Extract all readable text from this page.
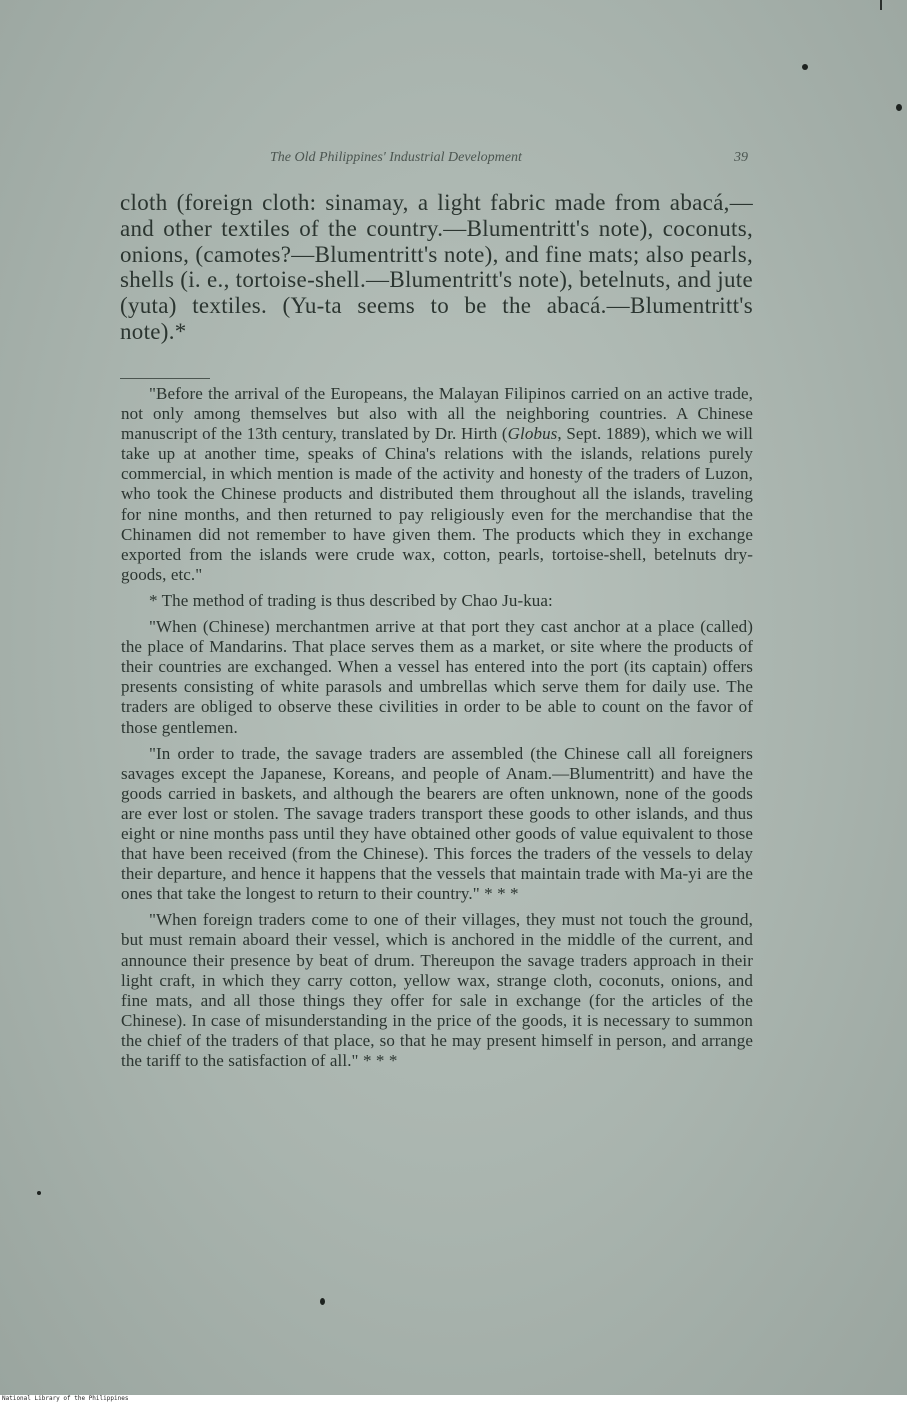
The Old Philippines' Industrial Development	39

cloth (foreign cloth: sinamay, a light fabric made from abacá,—and other textiles of the country.—Blumentritt's note), coconuts, onions, (camotes?—Blumentritt's note), and fine mats; also pearls, shells (i. e., tortoise-shell.—Blumentritt's note), betelnuts, and jute (yuta) textiles. (Yu-ta seems to be the abacá.—Blumentritt's note).*

"Before the arrival of the Europeans, the Malayan Filipinos carried on an active trade, not only among themselves but also with all the neighboring countries. A Chinese manuscript of the 13th century, translated by Dr. Hirth (Globus, Sept. 1889), which we will take up at another time, speaks of China's relations with the islands, relations purely commercial, in which mention is made of the activity and honesty of the traders of Luzon, who took the Chinese products and distributed them throughout all the islands, traveling for nine months, and then returned to pay religiously even for the merchandise that the Chinamen did not remember to have given them. The products which they in exchange exported from the islands were crude wax, cotton, pearls, tortoise-shell, betelnuts dry-goods, etc."

* The method of trading is thus described by Chao Ju-kua:

"When (Chinese) merchantmen arrive at that port they cast anchor at a place (called) the place of Mandarins. That place serves them as a market, or site where the products of their countries are exchanged. When a vessel has entered into the port (its captain) offers presents consisting of white parasols and umbrellas which serve them for daily use. The traders are obliged to observe these civilities in order to be able to count on the favor of those gentlemen.

"In order to trade, the savage traders are assembled (the Chinese call all foreigners savages except the Japanese, Koreans, and people of Anam.—Blumentritt) and have the goods carried in baskets, and although the bearers are often unknown, none of the goods are ever lost or stolen. The savage traders transport these goods to other islands, and thus eight or nine months pass until they have obtained other goods of value equivalent to those that have been received (from the Chinese). This forces the traders of the vessels to delay their departure, and hence it happens that the vessels that maintain trade with Ma-yi are the ones that take the longest to return to their country." * * *

"When foreign traders come to one of their villages, they must not touch the ground, but must remain aboard their vessel, which is anchored in the middle of the current, and announce their presence by beat of drum. Thereupon the savage traders approach in their light craft, in which they carry cotton, yellow wax, strange cloth, coconuts, onions, and fine mats, and all those things they offer for sale in exchange (for the articles of the Chinese). In case of misunderstanding in the price of the goods, it is necessary to summon the chief of the traders of that place, so that he may present himself in person, and arrange the tariff to the satisfaction of all." * * *

National Library of the Philippines
